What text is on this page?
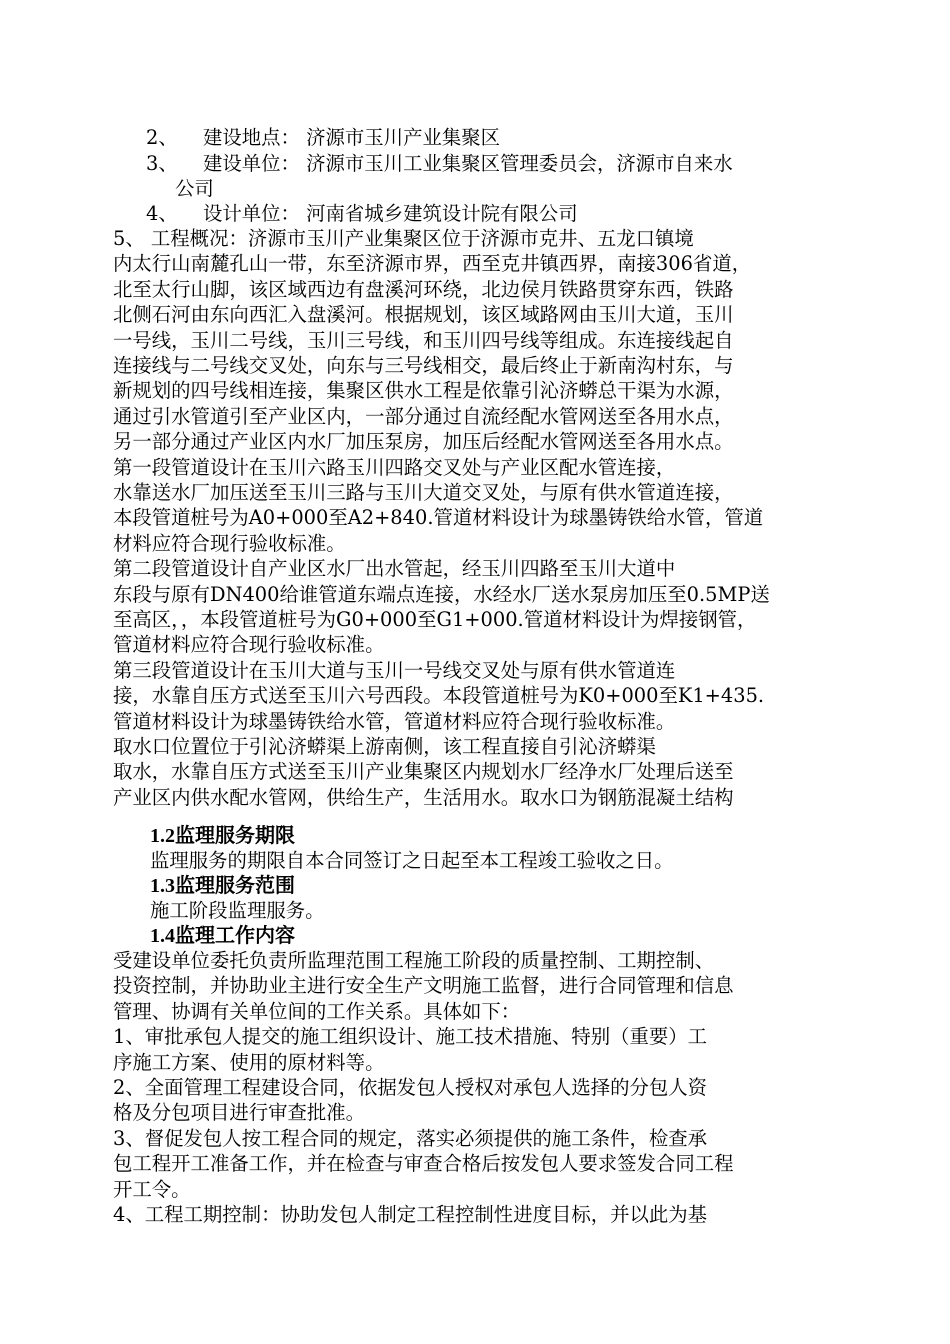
2、 建设地点： 济源市玉川产业集聚区
3、 建设单位： 济源市玉川工业集聚区管理委员会，济源市自来水
公司
4、 设计单位： 河南省城乡建筑设计院有限公司
5、 工程概况：济源市玉川产业集聚区位于济源市克井、五龙口镇境
内太行山南麓孔山一带，东至济源市界，西至克井镇西界，南接306省道，
北至太行山脚，该区域西边有盘溪河环绕，北边侯月铁路贯穿东西，铁路
北侧石河由东向西汇入盘溪河。根据规划，该区域路网由玉川大道，玉川
一号线，玉川二号线，玉川三号线，和玉川四号线等组成。东连接线起自
连接线与二号线交叉处，向东与三号线相交，最后终止于新南沟村东，与
新规划的四号线相连接，集聚区供水工程是依靠引沁济蟒总干渠为水源，
通过引水管道引至产业区内，一部分通过自流经配水管网送至各用水点，
另一部分通过产业区内水厂加压泵房，加压后经配水管网送至各用水点。
第一段管道设计在玉川六路玉川四路交叉处与产业区配水管连接，
水靠送水厂加压送至玉川三路与玉川大道交叉处，与原有供水管道连接，
本段管道桩号为A0+000至A2+840.管道材料设计为球墨铸铁给水管，管道
材料应符合现行验收标准。
第二段管道设计自产业区水厂出水管起，经玉川四路至玉川大道中
东段与原有DN400给谁管道东端点连接，水经水厂送水泵房加压至0.5MP送
至高区，，本段管道桩号为G0+000至G1+000.管道材料设计为焊接钢管，
管道材料应符合现行验收标准。
第三段管道设计在玉川大道与玉川一号线交叉处与原有供水管道连
接，水靠自压方式送至玉川六号西段。本段管道桩号为K0+000至K1+435.
管道材料设计为球墨铸铁给水管，管道材料应符合现行验收标准。
取水口位置位于引沁济蟒渠上游南侧，该工程直接自引沁济蟒渠
取水，水靠自压方式送至玉川产业集聚区内规划水厂经净水厂处理后送至
产业区内供水配水管网，供给生产，生活用水。取水口为钢筋混凝土结构
1.2监理服务期限
监理服务的期限自本合同签订之日起至本工程竣工验收之日。
1.3监理服务范围
施工阶段监理服务。
1.4监理工作内容
受建设单位委托负责所监理范围工程施工阶段的质量控制、工期控制、
投资控制，并协助业主进行安全生产文明施工监督，进行合同管理和信息
管理、协调有关单位间的工作关系。具体如下：
1、审批承包人提交的施工组织设计、施工技术措施、特别（重要）工
序施工方案、使用的原材料等。
2、全面管理工程建设合同，依据发包人授权对承包人选择的分包人资
格及分包项目进行审查批准。
3、督促发包人按工程合同的规定，落实必须提供的施工条件，检查承
包工程开工准备工作，并在检查与审查合格后按发包人要求签发合同工程
开工令。
4、工程工期控制：协助发包人制定工程控制性进度目标，并以此为基
